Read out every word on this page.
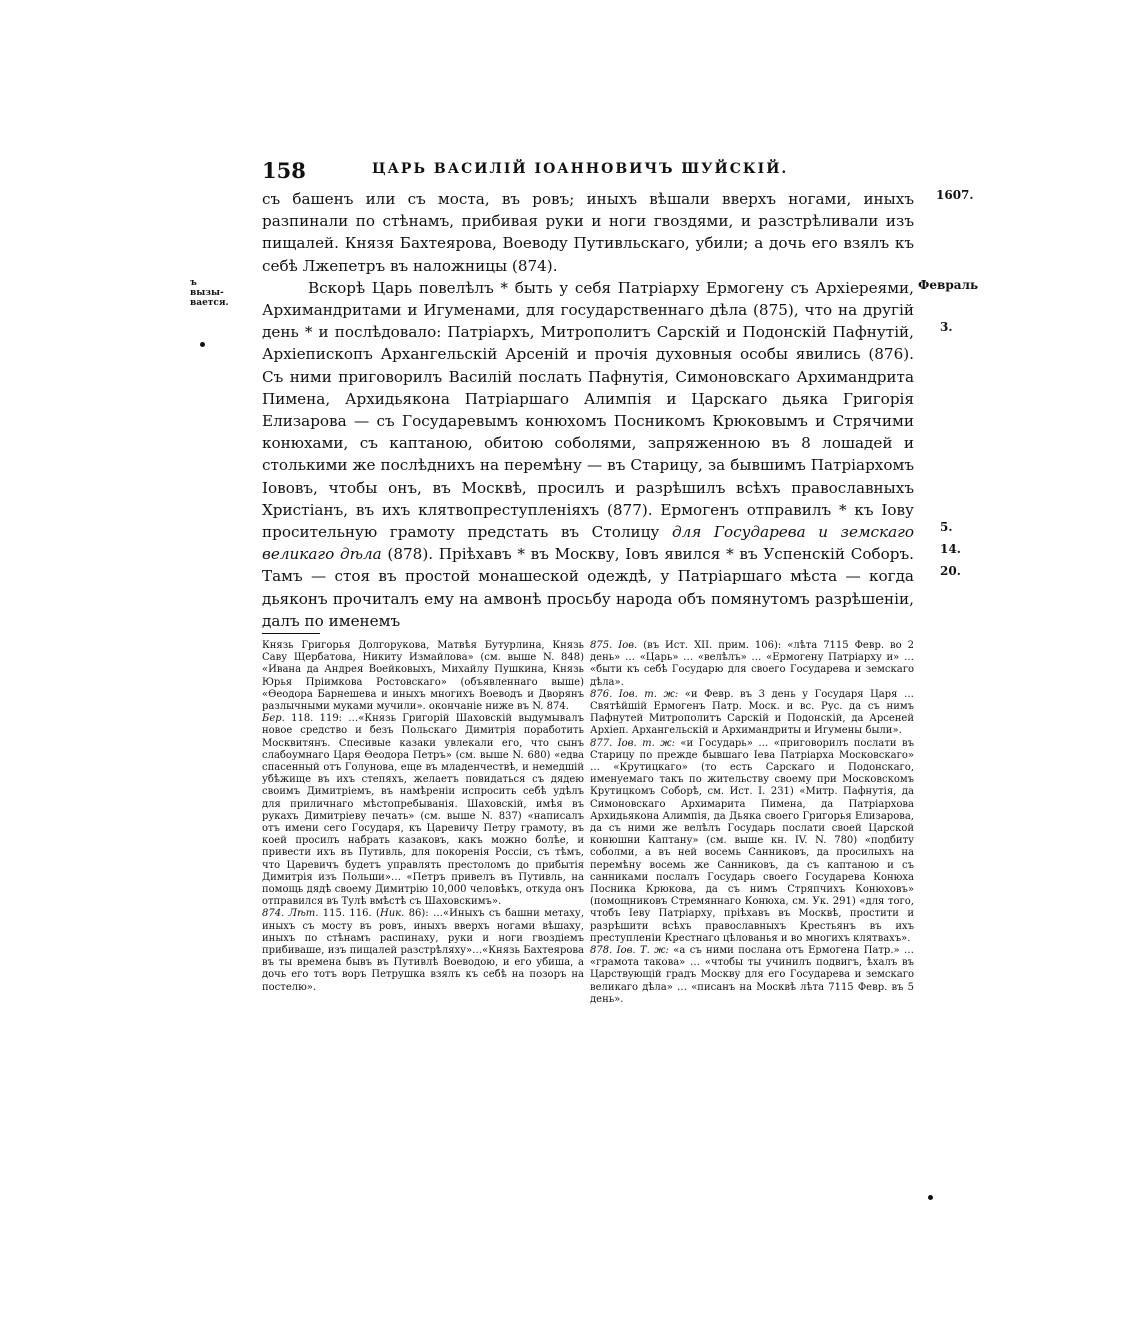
158	ЦАРЬ ВАСИЛІЙ ІОАННОВИЧЪ ШУЙСКІЙ.
1607.
Февраль
3.
5.
14.
20.
ъ вызы-вается.

съ башенъ или съ моста, въ ровъ; иныхъ вѣшали вверхъ ногами, иныхъ разпинали по стѣнамъ, прибивая руки и ноги гвоздями, и разстрѣливали изъ пищалей. Князя Бахтеярова, Воеводу Путивльскаго, убили; а дочь его взялъ къ себѣ Лжепетръ въ наложницы (874).

Вскорѣ Царь повелѣлъ * быть у себя Патріарху Ермогену съ Архіереями, Архимандритами и Игуменами, для государственнаго дѣла (875), что на другій день * и послѣдовало: Патріархъ, Митрополитъ Сарскій и Подонскій Пафнутій, Архіепископъ Архангельскій Арсеній и прочія духовныя особы явились (876). Съ ними приговорилъ Василій послать Пафнутія, Симоновскаго Архимандрита Пимена, Архидьякона Патріаршаго Алимпія и Царскаго дьяка Григорія Елизарова — съ Государевымъ конюхомъ Посникомъ Крюковымъ и Стрячими конюхами, съ каптаною, обитою соболями, запряженною въ 8 лошадей и столькими же послѣднихъ на перемѣну — въ Старицу, за бывшимъ Патріархомъ Іововъ, чтобы онъ, въ Москвѣ, просилъ и разрѣшилъ всѣхъ православныхъ Христіанъ, въ ихъ клятвопреступленіяхъ (877). Ермогенъ отправилъ * къ Іову просительную грамоту предстать въ Столицу для Государева и земскаго великаго дѣла (878). Пріѣхавъ * въ Москву, Іовъ явился * въ Успенскій Соборъ. Тамъ — стоя въ простой монашеской одеждѣ, у Патріаршаго мѣста — когда дьяконъ прочиталъ ему на амвонѣ просьбу народа объ помянутомъ разрѣшеніи, далъ по именемъ

Князь Григорья Долгорукова, Матвѣя Бутурлина, Князь Саву Щербатова, Никиту Измайлова» (см. выше N. 848) «Ивана да Андрея Воейковыхъ, Михайлу Пушкина, Князь Юрья Пріимкова Ростовскаго» (объявленнаго выше) «Өеодора Барнешева и иныхъ многихъ Воеводъ и Дворянъ разлычными муками мучили». окончаніе ниже въ N. 874.

Бер. 118. 119: …«Князь Григорій Шаховскій выдумывалъ новое средство и безъ Польскаго Димитрія поработить Москвитянъ. Спесивые казаки увлекали его, что сынъ слабоумнаго Царя Өеодора Петръ» (см. выше N. 680) «едва спасенный отъ Голунова, еще въ младенчествѣ, и немедшій убѣжище въ ихъ степяхъ, желаетъ повидаться съ дядею своимъ Димитріемъ, въ намѣреніи испросить себѣ удѣлъ для приличнаго мѣстопребыванія. Шаховскій, имѣя въ рукахъ Димитріеву печать» (см. выше N. 837) «написалъ отъ имени сего Государя, къ Царевичу Петру грамоту, въ коей просилъ набрать казаковъ, какъ можно болѣе, и привести ихъ въ Путивль, для покоренія Россіи, съ тѣмъ, что Царевичъ будетъ управлять престоломъ до прибытія Димитрія изъ Польши»… «Петръ привелъ въ Путивль, на помощь дядѣ своему Димитрію 10,000 человѣкъ, откуда онъ отправился въ Тулѣ вмѣстѣ съ Шаховскимъ».

874. Лѣт. 115. 116. (Ник. 86): …«Иныхъ съ башни метаху, иныхъ съ мосту въ ровъ, иныхъ вверхъ ногами вѣшаху, иныхъ по стѣнамъ распинаху, руки и ноги гвоздіемъ прибиваше, изъ пищалей разстрѣляху»…«Князь Бахтеярова въ ты времена бывъ въ Путивлѣ Воеводою, и его убиша, а дочь его тотъ воръ Петрушка взялъ къ себѣ на позоръ на постелю».

875. Іов. (въ Ист. XII. прим. 106): «лѣта 7115 Февр. во 2 день» … «Царь» … «велѣлъ» … «Ермогену Патріарху и» … «быти къ себѣ Государю для своего Государева и земскаго дѣла».

876. Іов. т. ж: «и Февр. въ 3 день у Государя Царя … Святѣйшій Ермогенъ Патр. Моск. и вс. Рус. да съ нимъ Пафнутей Митрополитъ Сарскій и Подонскій, да Арсеней Архіеп. Архангельскій и Архимандриты и Игумены были».

877. Іов. т. ж: «и Государь» … «приговорилъ послати въ Старицу по прежде бывшаго Іева Патріарха Московскаго» … «Крутицкаго» (то есть Сарскаго и Подонскаго, именуемаго такъ по жительству своему при Московскомъ Крутицкомъ Соборѣ, см. Ист. I. 231) «Митр. Пафнутія, да Симоновскаго Архимарита Пимена, да Патріархова Архидьякона Алимпія, да Дьяка своего Григорья Елизарова, да съ ними же велѣлъ Государь послати своей Царской конюшни Каптану» (см. выше кн. IV. N. 780) «подбиту соболми, а въ ней восемь Санниковъ, да просилыхъ на перемѣну восемь же Санниковъ, да съ каптаною и съ санниками послалъ Государь своего Государева Конюха Посника Крюкова, да съ нимъ Стряпчихъ Конюховъ» (помощниковъ Стремяннаго Конюха, см. Ук. 291) «для того, чтобъ Іеву Патріарху, пріѣхавъ въ Москвѣ, простити и разрѣшити всѣхъ православныхъ Крестьянъ въ ихъ преступленіи Крестнаго цѣлованья и во многихъ клятвахъ».

878. Іов. Т. ж: «а съ ними послана отъ Ермогена Патр.» … «грамота такова» … «чтобы ты учинилъ подвигъ, ѣхалъ въ Царствующій градъ Москву для его Государева и земскаго великаго дѣла» … «писанъ на Москвѣ лѣта 7115 Февр. въ 5 день».
